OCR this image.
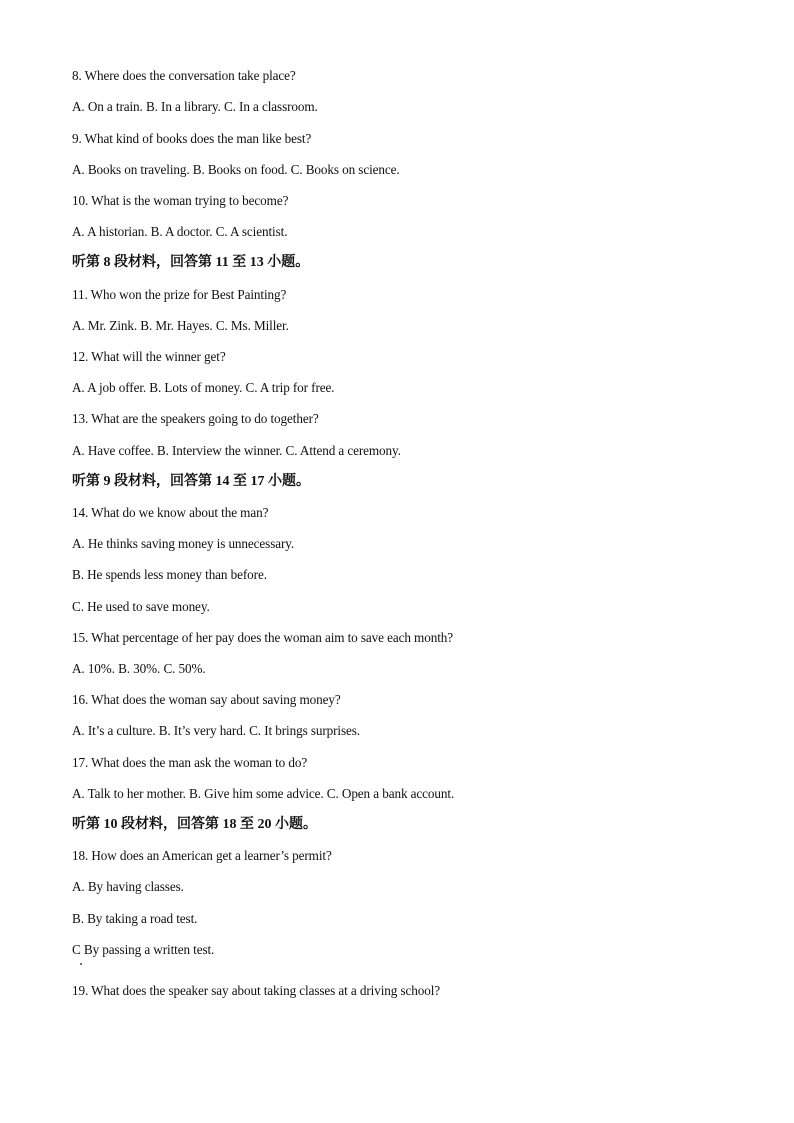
8. Where does the conversation take place?
A. On a train. B. In a library. C. In a classroom.
9. What kind of books does the man like best?
A. Books on traveling. B. Books on food. C. Books on science.
10. What is the woman trying to become?
A. A historian. B. A doctor. C. A scientist.
听第 8 段材料，回答第 11 至 13 小题。
11. Who won the prize for Best Painting?
A. Mr. Zink. B. Mr. Hayes. C. Ms. Miller.
12. What will the winner get?
A. A job offer. B. Lots of money. C. A trip for free.
13. What are the speakers going to do together?
A. Have coffee. B. Interview the winner. C. Attend a ceremony.
听第 9 段材料，回答第 14 至 17 小题。
14. What do we know about the man?
A. He thinks saving money is unnecessary.
B. He spends less money than before.
C. He used to save money.
15. What percentage of her pay does the woman aim to save each month?
A. 10%. B. 30%. C. 50%.
16. What does the woman say about saving money?
A. It’s a culture. B. It’s very hard. C. It brings surprises.
17. What does the man ask the woman to do?
A. Talk to her mother. B. Give him some advice. C. Open a bank account.
听第 10 段材料，回答第 18 至 20 小题。
18. How does an American get a learner’s permit?
A. By having classes.
B. By taking a road test.
C By passing a written test.
19. What does the speaker say about taking classes at a driving school?
